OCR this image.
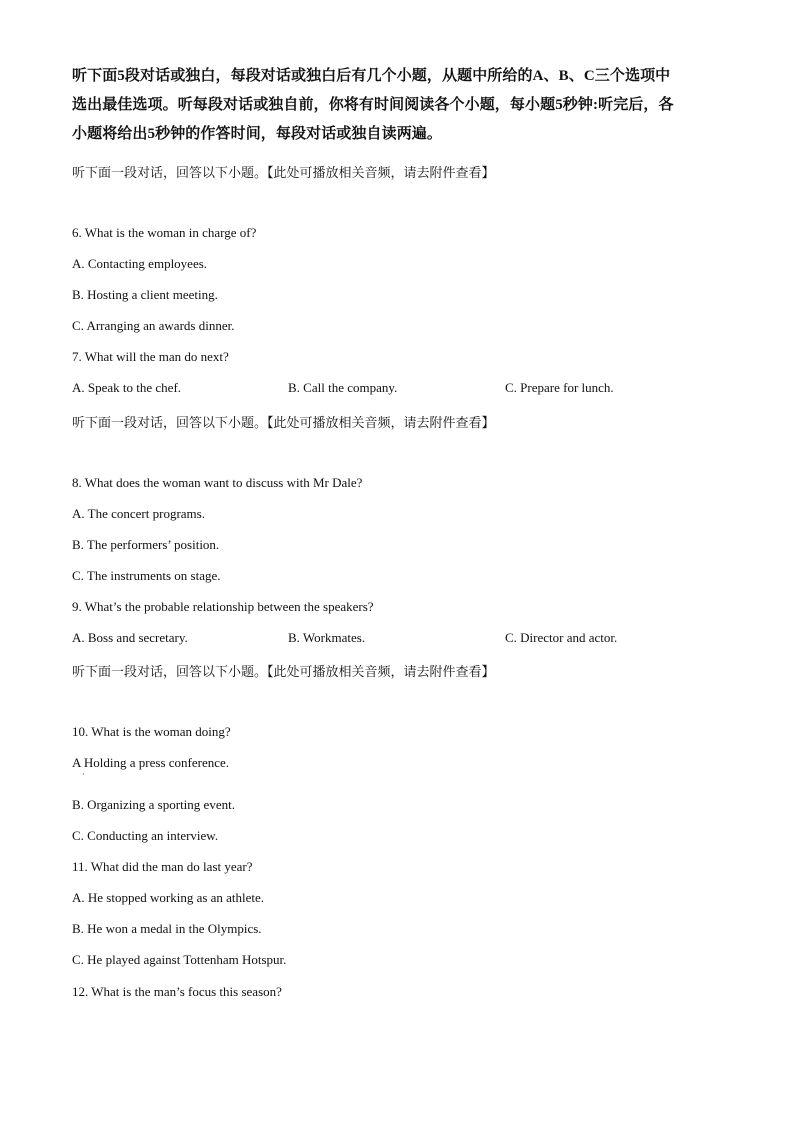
听下面5段对话或独白，每段对话或独白后有几个小题，从题中所给的A、B、C三个选项中
选出最佳选项。听每段对话或独自前，你将有时间阅读各个小题，每小题5秒钟:听完后，各
小题将给出5秒钟的作答时间，每段对话或独自读两遍。
听下面一段对话，回答以下小题。【此处可播放相关音频，请去附件查看】
6. What is the woman in charge of?
A. Contacting employees.
B. Hosting a client meeting.
C. Arranging an awards dinner.
7. What will the man do next?
A. Speak to the chef.	B. Call the company.	C. Prepare for lunch.
听下面一段对话，回答以下小题。【此处可播放相关音频，请去附件查看】
8. What does the woman want to discuss with Mr Dale?
A. The concert programs.
B. The performers’ position.
C. The instruments on stage.
9. What’s the probable relationship between the speakers?
A. Boss and secretary.	B. Workmates.	C. Director and actor.
听下面一段对话，回答以下小题。【此处可播放相关音频，请去附件查看】
10. What is the woman doing?
A Holding a press conference.
·
B. Organizing a sporting event.
C. Conducting an interview.
11. What did the man do last year?
A. He stopped working as an athlete.
B. He won a medal in the Olympics.
C. He played against Tottenham Hotspur.
12. What is the man’s focus this season?
